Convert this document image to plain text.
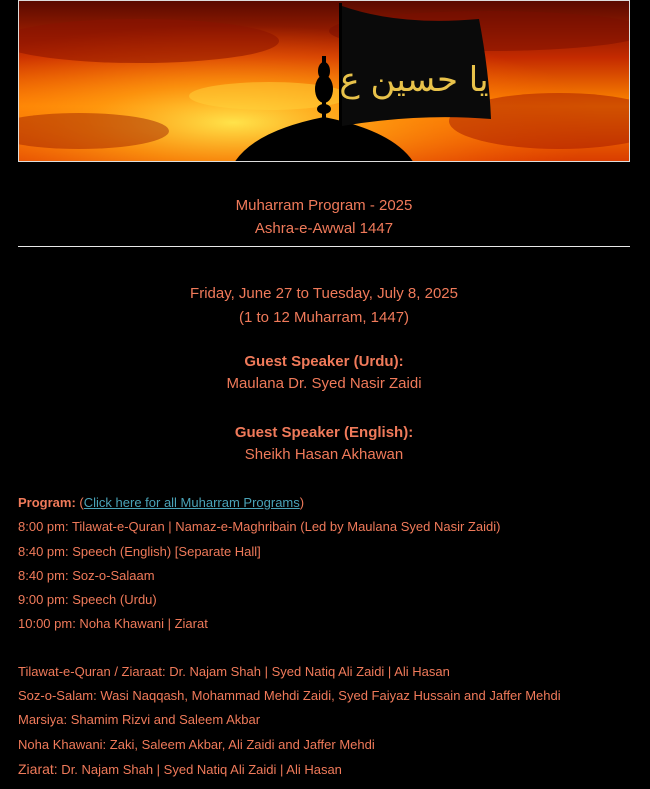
يا حسين ع
Muharram Program - 2025
Ashra-e-Awwal 1447
Friday, June 27 to Tuesday, July 8, 2025
(1 to 12 Muharram, 1447)
Guest Speaker (Urdu):
Maulana Dr. Syed Nasir Zaidi
Guest Speaker (English):
Sheikh Hasan Akhawan
Program: (Click here for all Muharram Programs)
8:00 pm: Tilawat-e-Quran | Namaz-e-Maghribain (Led by Maulana Syed Nasir Zaidi)
8:40 pm: Speech (English) [Separate Hall]
8:40 pm: Soz-o-Salaam
9:00 pm: Speech (Urdu)
10:00 pm: Noha Khawani | Ziarat
Tilawat-e-Quran / Ziaraat: Dr. Najam Shah | Syed Natiq Ali Zaidi | Ali Hasan
Soz-o-Salam: Wasi Naqqash, Mohammad Mehdi Zaidi, Syed Faiyaz Hussain and Jaffer Mehdi
Marsiya: Shamim Rizvi and Saleem Akbar
Noha Khawani: Zaki, Saleem Akbar, Ali Zaidi and Jaffer Mehdi
Ziarat: Dr. Najam Shah | Syed Natiq Ali Zaidi | Ali Hasan
